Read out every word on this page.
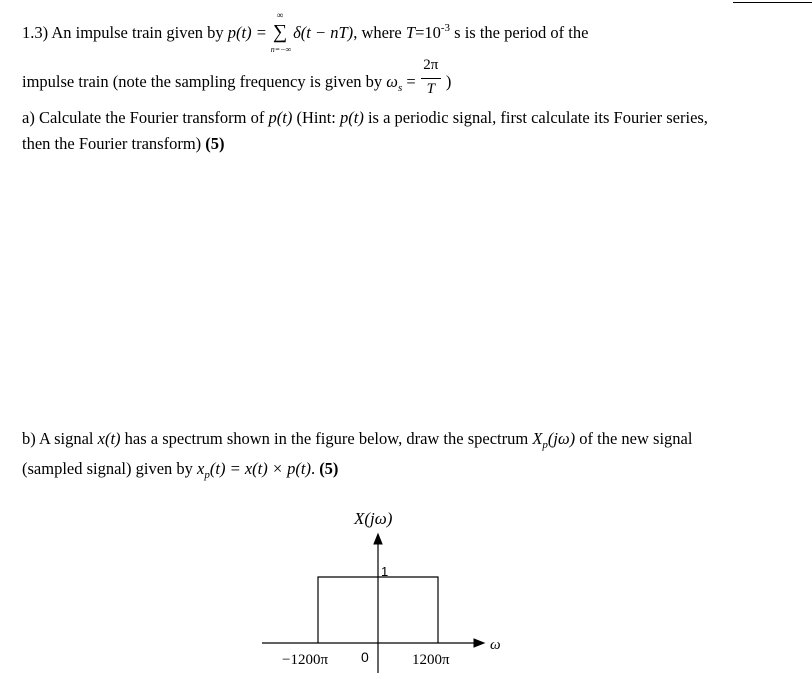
1.3) An impulse train given by p(t) =
∞
∑
n=−∞
δ(t − nT), where $T=10^{-3}$ s is the period of the
impulse train (note the sampling frequency is given by $\omega_s = \frac{2\pi}{T}$ )
a) Calculate the Fourier transform of p(t) (Hint: p(t) is a periodic signal, first calculate its Fourier series,
then the Fourier transform) (5)
b) A signal x(t) has a spectrum shown in the figure below, draw the spectrum $X_p(j\omega)$ of the new signal
(sampled signal) given by $x_p(t) = x(t) \times p(t)$. (5)
X(jω)
ω
−1200π 0	1200π
1
